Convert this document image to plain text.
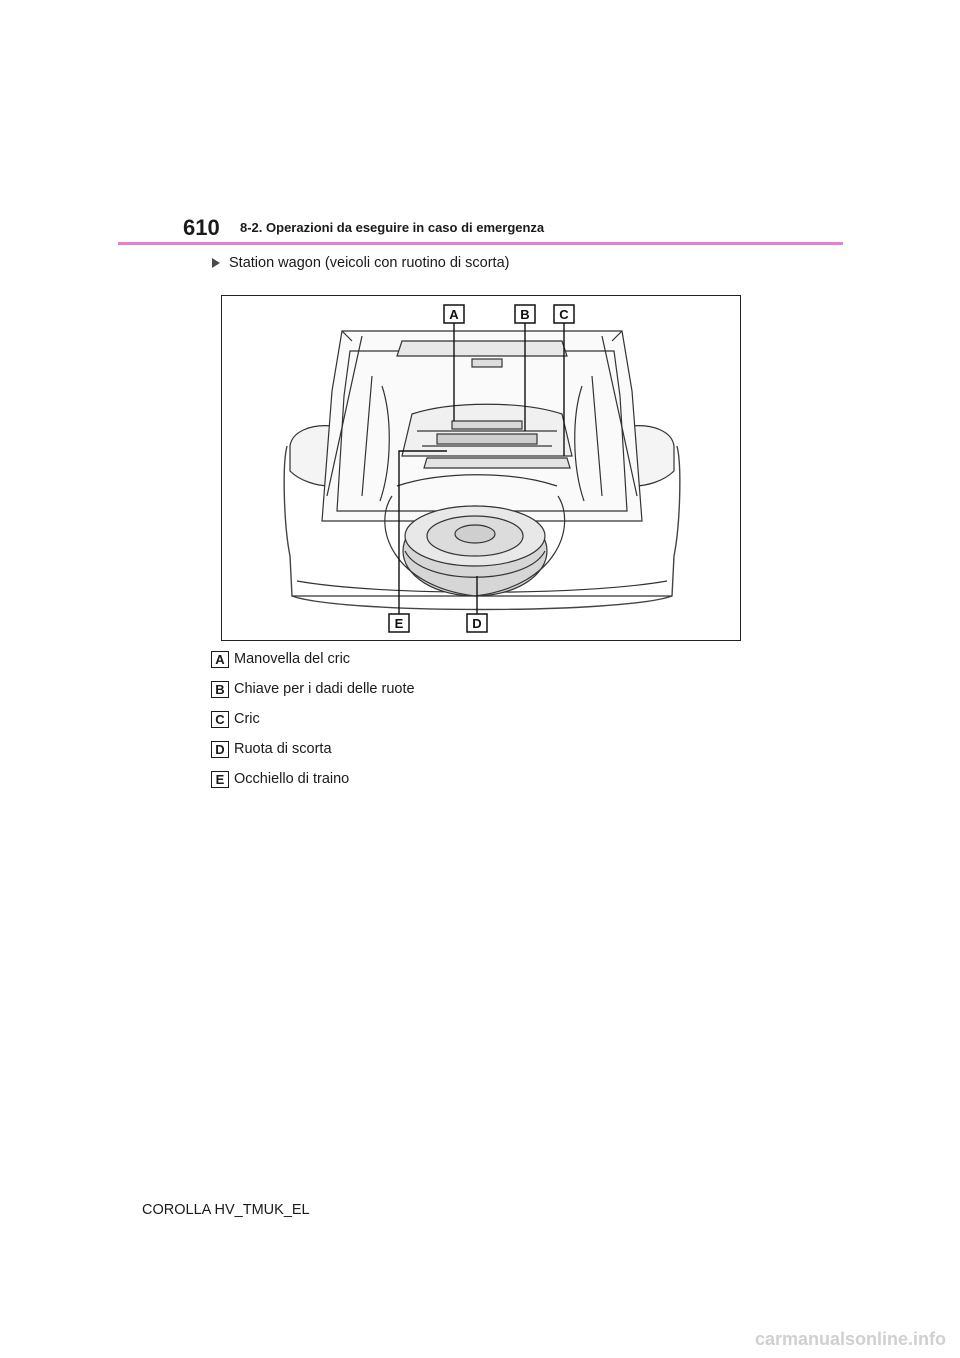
610 8-2. Operazioni da eseguire in caso di emergenza
Station wagon (veicoli con ruotino di scorta)
A	B C
D
E
A Manovella del cric
B Chiave per i dadi delle ruote
C Cric
D Ruota di scorta
E Occhiello di traino
COROLLA HV_TMUK_EL
carmanualsonline.info
